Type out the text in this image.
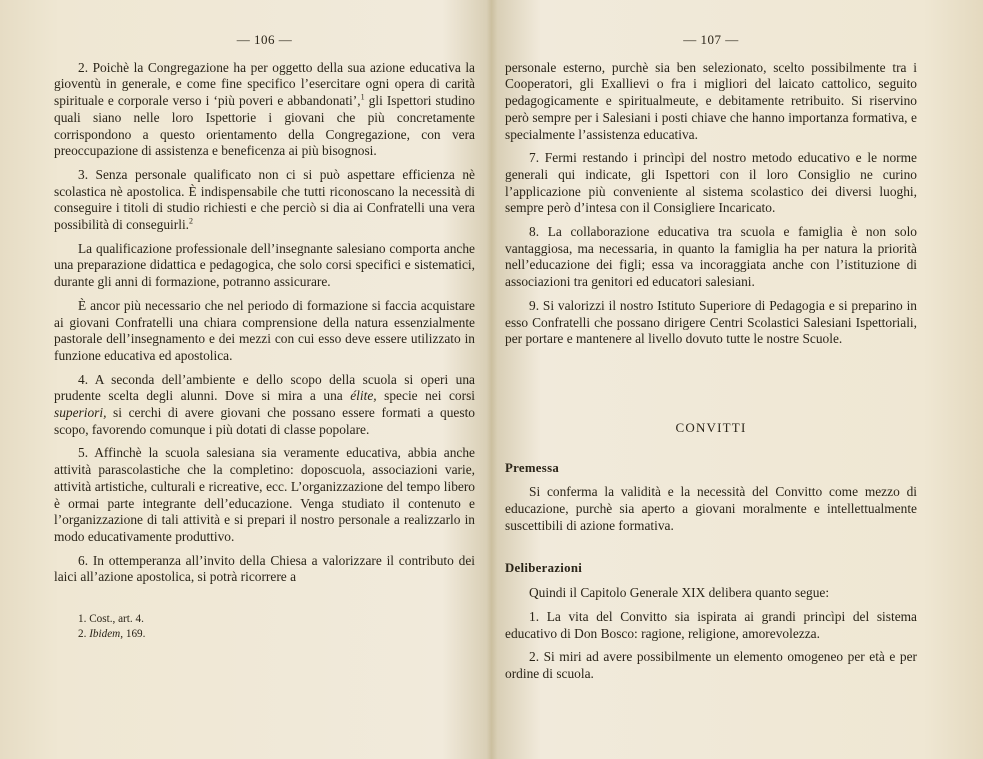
— 106 —

2. Poichè la Congregazione ha per oggetto della sua azione educativa la gioventù in generale, e come fine specifico l’esercitare ogni opera di carità spirituale e corporale verso i ‘più poveri e abbandonati’,$^1$ gli Ispettori studino quali siano nelle loro Ispettorie i giovani che più concretamente corrispondono a questo orientamento della Congregazione, con vera preoccupazione di assistenza e beneficenza ai più bisognosi.

3. Senza personale qualificato non ci si può aspettare efficienza nè scolastica nè apostolica. È indispensabile che tutti riconoscano la necessità di conseguire i titoli di studio richiesti e che perciò si dia ai Confratelli una vera possibilità di conseguirli.$^2$

La qualificazione professionale dell’insegnante salesiano comporta anche una preparazione didattica e pedagogica, che solo corsi specifici e sistematici, durante gli anni di formazione, potranno assicurare.

È ancor più necessario che nel periodo di formazione si faccia acquistare ai giovani Confratelli una chiara comprensione della natura essenzialmente pastorale dell’insegnamento e dei mezzi con cui esso deve essere utilizzato in funzione educativa ed apostolica.

4. A seconda dell’ambiente e dello scopo della scuola si operi una prudente scelta degli alunni. Dove si mira a una élite, specie nei corsi superiori, si cerchi di avere giovani che possano essere formati a questo scopo, favorendo comunque i più dotati di classe popolare.

5. Affinchè la scuola salesiana sia veramente educativa, abbia anche attività parascolastiche che la completino: doposcuola, associazioni varie, attività artistiche, culturali e ricreative, ecc. L’organizzazione del tempo libero è ormai parte integrante dell’educazione. Venga studiato il contenuto e l’organizzazione di tali attività e si prepari il nostro personale a realizzarlo in modo educativamente produttivo.

6. In ottemperanza all’invito della Chiesa a valorizzare il contributo dei laici all’azione apostolica, si potrà ricorrere a

1. Cost., art. 4.
2. Ibidem, 169.
— 107 —

personale esterno, purchè sia ben selezionato, scelto possibilmente tra i Cooperatori, gli Exallievi o fra i migliori del laicato cattolico, seguito pedagogicamente e spiritualmeute, e debitamente retribuito. Si riservino però sempre per i Salesiani i posti chiave che hanno importanza formativa, e specialmente l’assistenza educativa.

7. Fermi restando i princìpi del nostro metodo educativo e le norme generali qui indicate, gli Ispettori con il loro Consiglio ne curino l’applicazione più conveniente al sistema scolastico dei diversi luoghi, sempre però d’intesa con il Consigliere Incaricato.

8. La collaborazione educativa tra scuola e famiglia è non solo vantaggiosa, ma necessaria, in quanto la famiglia ha per natura la priorità nell’educazione dei figli; essa va incoraggiata anche con l’istituzione di associazioni tra genitori ed educatori salesiani.

9. Si valorizzi il nostro Istituto Superiore di Pedagogia e si preparino in esso Confratelli che possano dirigere Centri Scolastici Salesiani Ispettoriali, per portare e mantenere al livello dovuto tutte le nostre Scuole.

CONVITTI
Premessa

Si conferma la validità e la necessità del Convitto come mezzo di educazione, purchè sia aperto a giovani moralmente e intellettualmente suscettibili di azione formativa.

Deliberazioni

Quindi il Capitolo Generale XIX delibera quanto segue:

1. La vita del Convitto sia ispirata ai grandi princìpi del sistema educativo di Don Bosco: ragione, religione, amorevolezza.

2. Si miri ad avere possibilmente un elemento omogeneo per età e per ordine di scuola.
